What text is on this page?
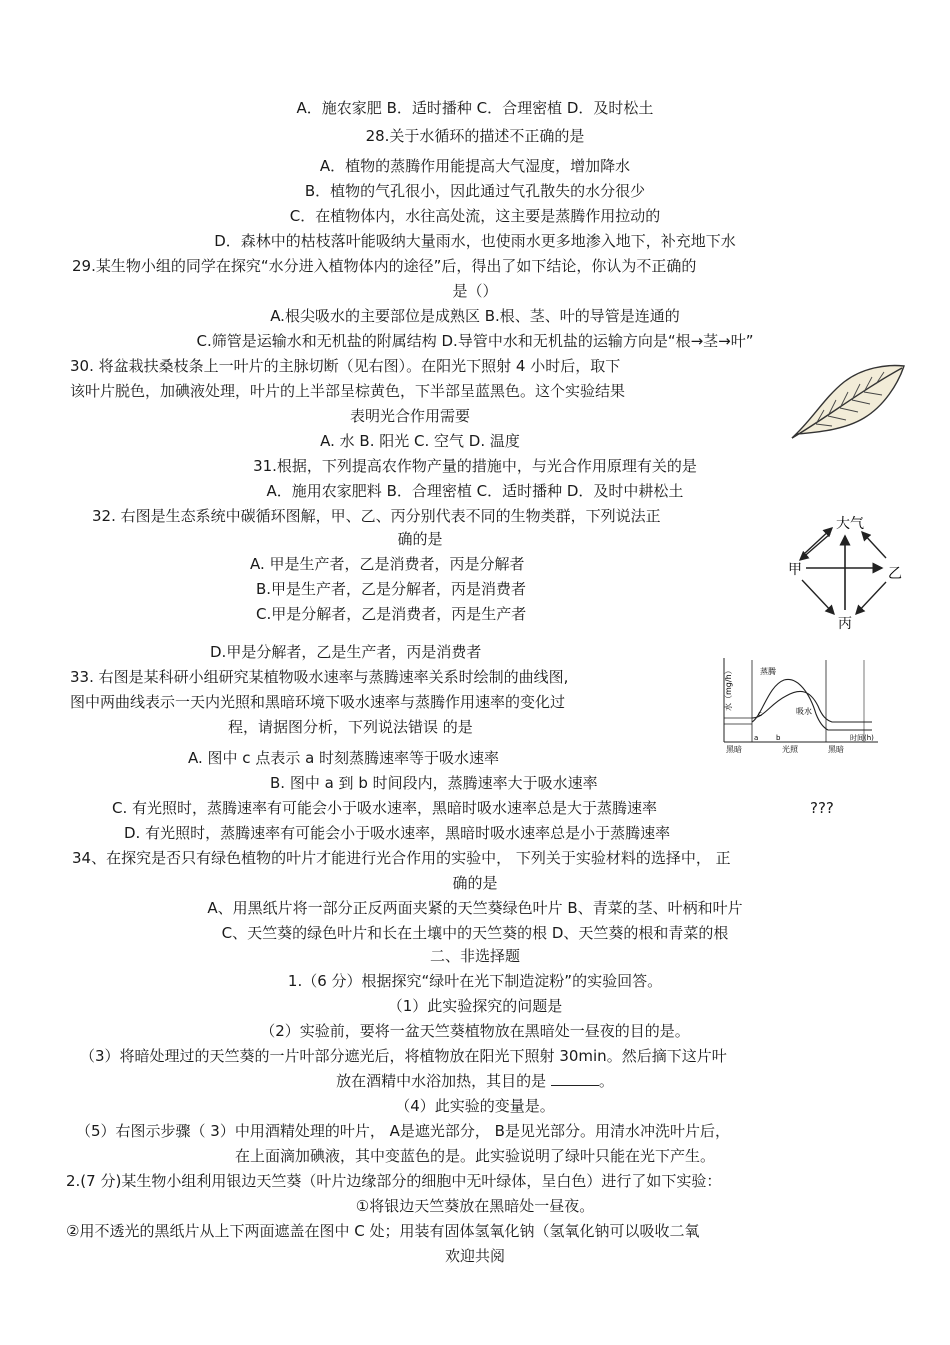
A．施农家肥 B．适时播种 C．合理密植 D．及时松土
28.关于水循环的描述不正确的是
A．植物的蒸腾作用能提高大气湿度，增加降水
B．植物的气孔很小，因此通过气孔散失的水分很少
C．在植物体内，水往高处流，这主要是蒸腾作用拉动的
D．森林中的枯枝落叶能吸纳大量雨水，也使雨水更多地渗入地下，补充地下水
29.某生物小组的同学在探究“水分进入植物体内的途径”后，得出了如下结论，你认为不正确的
是（）
A.根尖吸水的主要部位是成熟区 B.根、茎、叶的导管是连通的
C.筛管是运输水和无机盐的附属结构 D.导管中水和无机盐的运输方向是“根→茎→叶”
30. 将盆栽扶桑枝条上一叶片的主脉切断（见右图）。在阳光下照射 4 小时后，取下
该叶片脱色，加碘液处理，叶片的上半部呈棕黄色，下半部呈蓝黑色。这个实验结果
表明光合作用需要
A. 水 B. 阳光 C. 空气 D. 温度
31.根据，下列提高农作物产量的措施中，与光合作用原理有关的是
A．施用农家肥料 B．合理密植 C．适时播种 D．及时中耕松土
32. 右图是生态系统中碳循环图解，甲、乙、丙分别代表不同的生物类群，下列说法正
确的是
A. 甲是生产者，乙是消费者，丙是分解者
B.甲是生产者，乙是分解者，丙是消费者
C.甲是分解者，乙是消费者，丙是生产者
D.甲是分解者，乙是生产者，丙是消费者
大气
甲	乙
丙
33. 右图是某科研小组研究某植物吸水速率与蒸腾速率关系时绘制的曲线图,
图中两曲线表示一天内光照和黑暗环境下吸水速率与蒸腾作用速率的变化过
程，请据图分析，下列说法错误 的是
水（mg/h）	蒸腾
吸水
a	b
c
黑暗	光照	黑暗
时间(h)
A. 图中 c 点表示 a 时刻蒸腾速率等于吸水速率
B. 图中 a 到 b 时间段内，蒸腾速率大于吸水速率
C. 有光照时，蒸腾速率有可能会小于吸水速率，黑暗时吸水速率总是大于蒸腾速率	???
D. 有光照时，蒸腾速率有可能会小于吸水速率，黑暗时吸水速率总是小于蒸腾速率
34、在探究是否只有绿色植物的叶片才能进行光合作用的实验中， 下列关于实验材料的选择中， 正
确的是
A、用黑纸片将一部分正反两面夹紧的天竺葵绿色叶片 B、青菜的茎、叶柄和叶片
C、天竺葵的绿色叶片和长在土壤中的天竺葵的根 D、天竺葵的根和青菜的根
二、非选择题
1.（6 分）根据探究“绿叶在光下制造淀粉”的实验回答。
（1）此实验探究的问题是
（2）实验前，要将一盆天竺葵植物放在黑暗处一昼夜的目的是。
（3）将暗处理过的天竺葵的一片叶部分遮光后，将植物放在阳光下照射 30min。然后摘下这片叶
放在酒精中水浴加热，其目的是	。
（4）此实验的变量是。
（5）右图示步骤（ 3）中用酒精处理的叶片， A是遮光部分， B是见光部分。用清水冲洗叶片后，
在上面滴加碘液，其中变蓝色的是。此实验说明了绿叶只能在光下产生。
2.(7 分)某生物小组利用银边天竺葵（叶片边缘部分的细胞中无叶绿体，呈白色）进行了如下实验：
①将银边天竺葵放在黑暗处一昼夜。
②用不透光的黑纸片从上下两面遮盖在图中 C 处；用装有固体氢氧化钠（氢氧化钠可以吸收二氧
欢迎共阅
